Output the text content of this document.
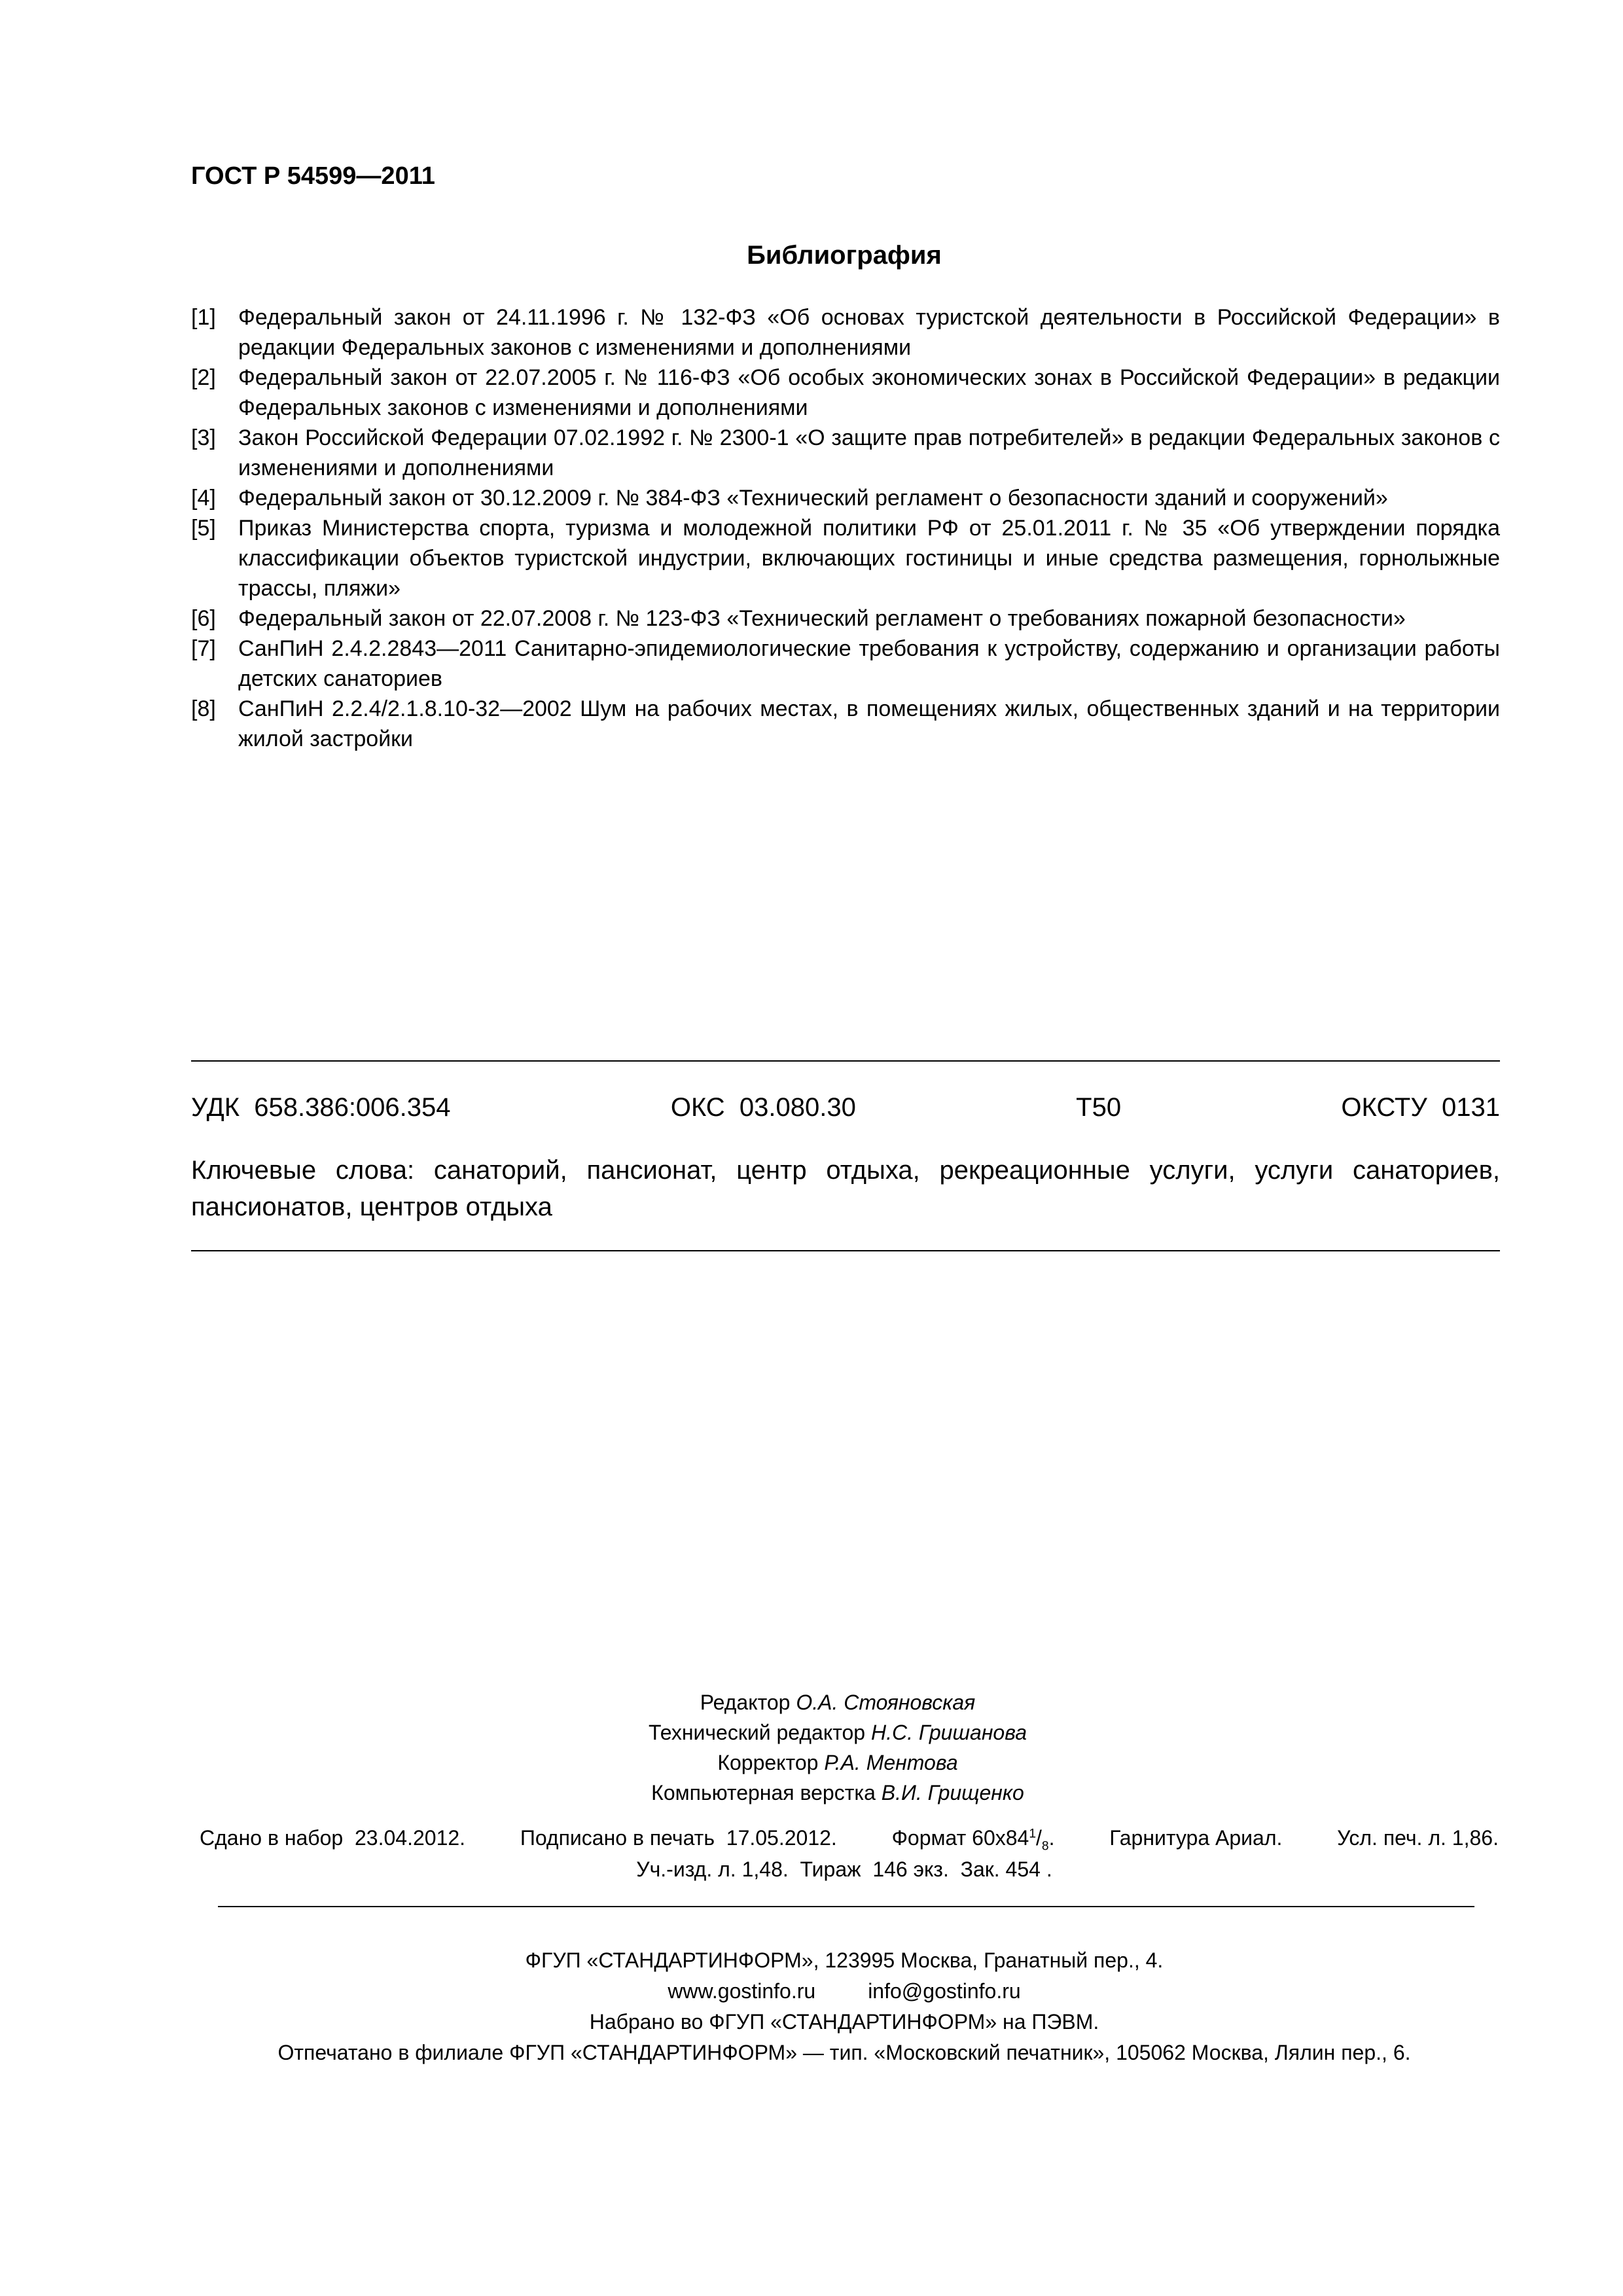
ГОСТ Р 54599—2011
Библиография
[1]	Федеральный закон от 24.11.1996 г. № 132-ФЗ «Об основах туристской деятельности в Российской Федерации» в редакции Федеральных законов с изменениями и дополнениями
[2]	Федеральный закон от 22.07.2005 г. № 116-ФЗ «Об особых экономических зонах в Российской Федерации» в редакции Федеральных законов с изменениями и дополнениями
[3]	Закон Российской Федерации 07.02.1992 г. № 2300-1 «О защите прав потребителей» в редакции Федеральных законов с изменениями и дополнениями
[4]	Федеральный закон от 30.12.2009 г. № 384-ФЗ «Технический регламент о безопасности зданий и сооружений»
[5]	Приказ Министерства спорта, туризма и молодежной политики РФ от 25.01.2011 г. № 35 «Об утверждении порядка классификации объектов туристской индустрии, включающих гостиницы и иные средства размещения, горнолыжные трассы, пляжи»
[6]	Федеральный закон от 22.07.2008 г. № 123-ФЗ «Технический регламент о требованиях пожарной безопасности»
[7]	СанПиН 2.4.2.2843—2011 Санитарно-эпидемиологические требования к устройству, содержанию и организации работы детских санаториев
[8]	СанПиН 2.2.4/2.1.8.10-32—2002 Шум на рабочих местах, в помещениях жилых, общественных зданий и на территории жилой застройки
УДК  658.386:006.354	ОКС  03.080.30	Т50	ОКСТУ  0131
Ключевые слова: санаторий, пансионат, центр отдыха, рекреационные услуги, услуги санаториев, пансионатов, центров отдыха
Редактор О.А. Стояновская
Технический редактор Н.С. Гришанова
Корректор Р.А. Ментова
Компьютерная верстка В.И. Грищенко
Сдано в набор  23.04.2012.	Подписано в печать  17.05.2012.	Формат $60x84^1/_8$.	Гарнитура Ариал.	Усл. печ. л. 1,86.
Уч.-изд. л. 1,48.  Тираж  146 экз.  Зак. 454 .
ФГУП «СТАНДАРТИНФОРМ», 123995 Москва, Гранатный пер., 4.
www.gostinfo.ru	info@gostinfo.ru
Набрано во ФГУП «СТАНДАРТИНФОРМ» на ПЭВМ.
Отпечатано в филиале ФГУП «СТАНДАРТИНФОРМ» — тип. «Московский печатник», 105062 Москва, Лялин пер., 6.
